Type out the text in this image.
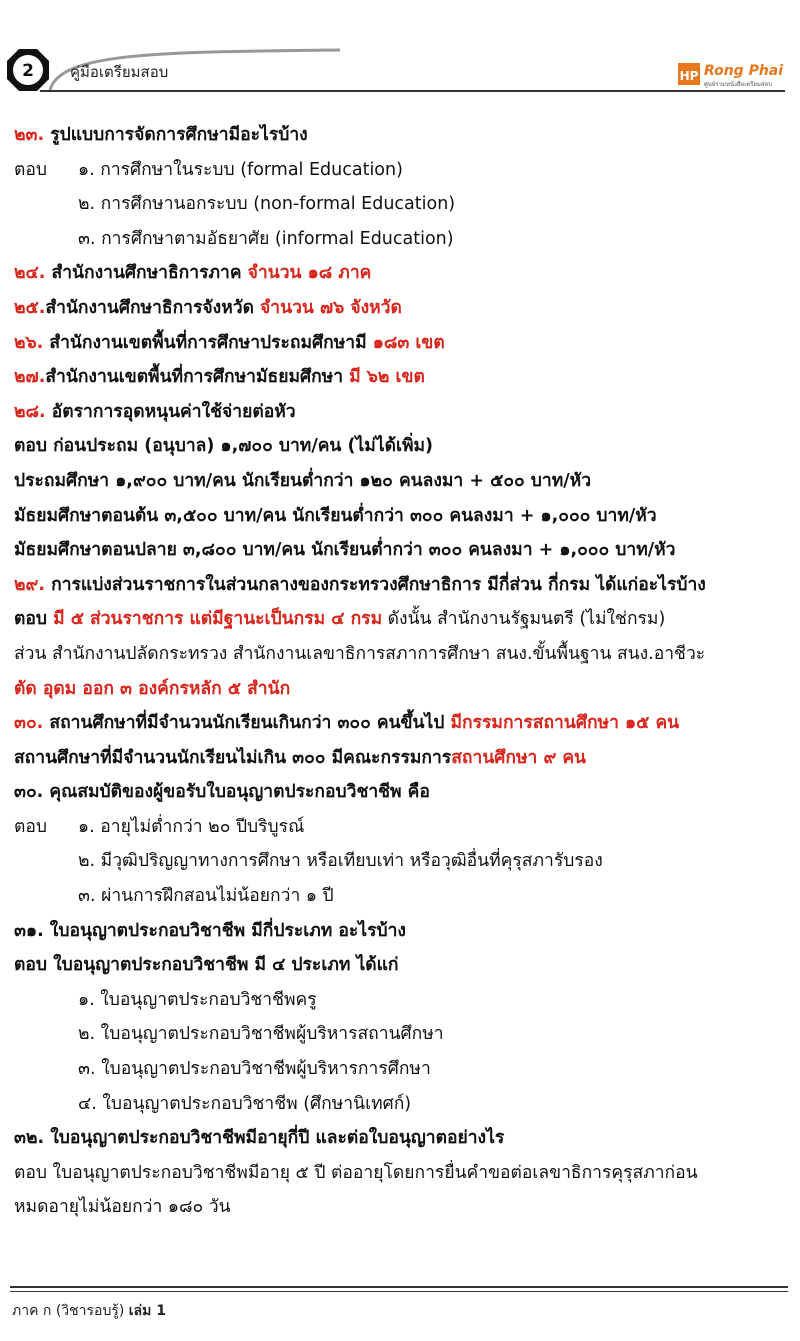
2 คู่มือเตรียมสอบ	HP Rong Phai
ศูนย์รวมหนังสือเตรียมสอบ
๒๓. รูปแบบการจัดการศึกษามีอะไรบ้าง
ตอบ ๑. การศึกษาในระบบ (formal Education)
๒. การศึกษานอกระบบ (non-formal Education)
๓. การศึกษาตามอัธยาศัย (informal Education)
๒๔. สำนักงานศึกษาธิการภาค จำนวน ๑๘ ภาค
๒๕.สำนักงานศึกษาธิการจังหวัด จำนวน ๗๖ จังหวัด
๒๖. สำนักงานเขตพื้นที่การศึกษาประถมศึกษามี ๑๘๓ เขต
๒๗.สำนักงานเขตพื้นที่การศึกษามัธยมศึกษา มี ๖๒ เขต
๒๘. อัตราการอุดหนุนค่าใช้จ่ายต่อหัว
ตอบ ก่อนประถม (อนุบาล) ๑,๗๐๐ บาท/คน (ไม่ได้เพิ่ม)
ประถมศึกษา ๑,๙๐๐ บาท/คน นักเรียนต่ำกว่า ๑๒๐ คนลงมา + ๕๐๐ บาท/หัว
มัธยมศึกษาตอนต้น ๓,๕๐๐ บาท/คน นักเรียนต่ำกว่า ๓๐๐ คนลงมา + ๑,๐๐๐ บาท/หัว
มัธยมศึกษาตอนปลาย ๓,๘๐๐ บาท/คน นักเรียนต่ำกว่า ๓๐๐ คนลงมา + ๑,๐๐๐ บาท/หัว
๒๙. การแบ่งส่วนราชการในส่วนกลางของกระทรวงศึกษาธิการ มีกี่ส่วน กี่กรม ได้แก่อะไรบ้าง
ตอบ มี ๕ ส่วนราชการ แต่มีฐานะเป็นกรม ๔ กรม ดังนั้น สำนักงานรัฐมนตรี (ไม่ใช่กรม)
ส่วน สำนักงานปลัดกระทรวง สำนักงานเลขาธิการสภาการศึกษา สนง.ขั้นพื้นฐาน สนง.อาชีวะ
ตัด อุดม ออก ๓ องค์กรหลัก ๕ สำนัก
๓๐. สถานศึกษาที่มีจำนวนนักเรียนเกินกว่า ๓๐๐ คนขึ้นไป มีกรรมการสถานศึกษา ๑๕ คน
สถานศึกษาที่มีจำนวนนักเรียนไม่เกิน ๓๐๐ มีคณะกรรมการสถานศึกษา ๙ คน
๓๐. คุณสมบัติของผู้ขอรับใบอนุญาตประกอบวิชาชีพ คือ
ตอบ ๑. อายุไม่ต่ำกว่า ๒๐ ปีบริบูรณ์
๒. มีวุฒิปริญญาทางการศึกษา หรือเทียบเท่า หรือวุฒิอื่นที่คุรุสภารับรอง
๓. ผ่านการฝึกสอนไม่น้อยกว่า ๑ ปี
๓๑. ใบอนุญาตประกอบวิชาชีพ มีกี่ประเภท อะไรบ้าง
ตอบ ใบอนุญาตประกอบวิชาชีพ มี ๔ ประเภท ได้แก่
๑. ใบอนุญาตประกอบวิชาชีพครู
๒. ใบอนุญาตประกอบวิชาชีพผู้บริหารสถานศึกษา
๓. ใบอนุญาตประกอบวิชาชีพผู้บริหารการศึกษา
๔. ใบอนุญาตประกอบวิชาชีพ (ศึกษานิเทศก์)
๓๒. ใบอนุญาตประกอบวิชาชีพมีอายุกี่ปี และต่อใบอนุญาตอย่างไร
ตอบ ใบอนุญาตประกอบวิชาชีพมีอายุ ๕ ปี ต่ออายุโดยการยื่นคำขอต่อเลขาธิการคุรุสภาก่อน
หมดอายุไม่น้อยกว่า ๑๘๐ วัน
ภาค ก (วิชารอบรู้) เล่ม 1
